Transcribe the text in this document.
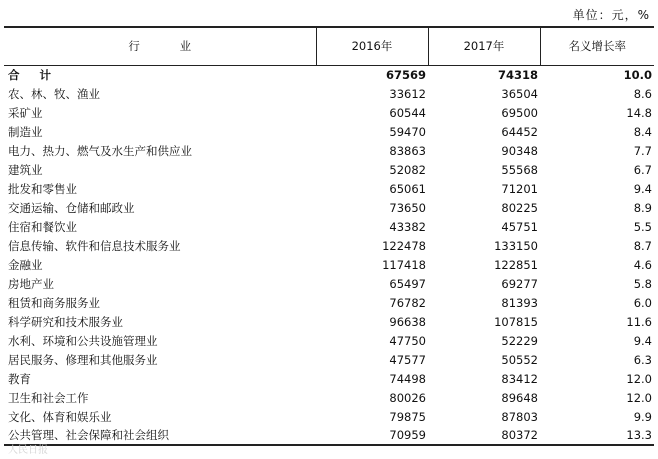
单位：元，%
行 业	2016年	2017年	名义增长率
合 计	67569	74318	10.0
农、林、牧、渔业	33612	36504	8.6
采矿业	60544	69500	14.8
制造业	59470	64452	8.4
电力、热力、燃气及水生产和供应业	83863	90348	7.7
建筑业	52082	55568	6.7
批发和零售业	65061	71201	9.4
交通运输、仓储和邮政业	73650	80225	8.9
住宿和餐饮业	43382	45751	5.5
信息传输、软件和信息技术服务业	122478	133150	8.7
金融业	117418	122851	4.6
房地产业	65497	69277	5.8
租赁和商务服务业	76782	81393	6.0
科学研究和技术服务业	96638	107815	11.6
水利、环境和公共设施管理业	47750	52229	9.4
居民服务、修理和其他服务业	47577	50552	6.3
教育	74498	83412	12.0
卫生和社会工作	80026	89648	12.0
文化、体育和娱乐业	79875	87803	9.9
公共管理、社会保障和社会组织	70959	80372	13.3
人民日报
